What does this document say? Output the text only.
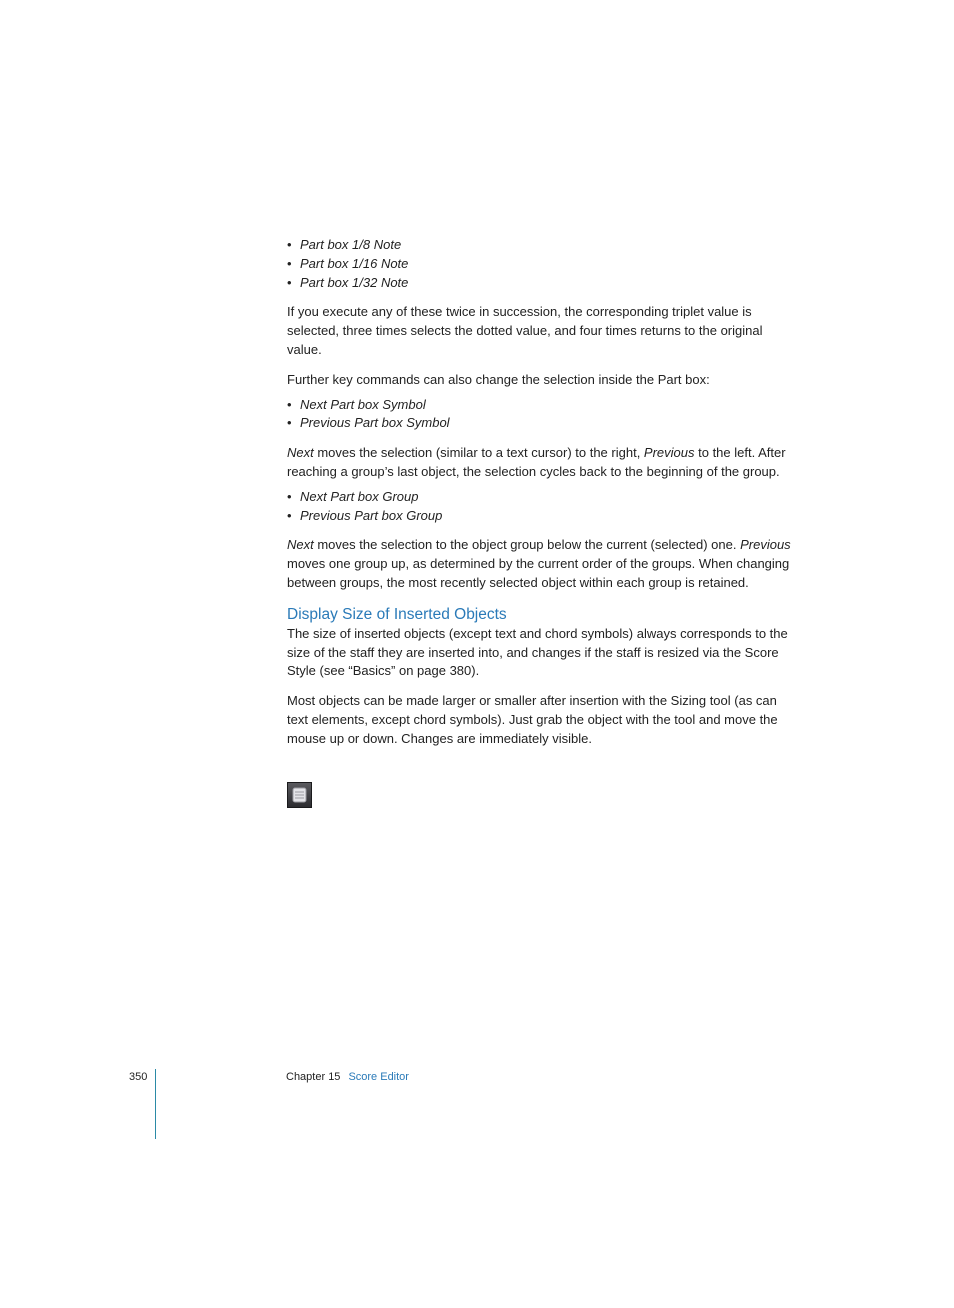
• Part box 1/8 Note
• Part box 1/16 Note
• Part box 1/32 Note

If you execute any of these twice in succession, the corresponding triplet value is selected, three times selects the dotted value, and four times returns to the original value.

Further key commands can also change the selection inside the Part box:

• Next Part box Symbol
• Previous Part box Symbol

Next moves the selection (similar to a text cursor) to the right, Previous to the left. After reaching a group’s last object, the selection cycles back to the beginning of the group.

• Next Part box Group
• Previous Part box Group

Next moves the selection to the object group below the current (selected) one. Previous moves one group up, as determined by the current order of the groups. When changing between groups, the most recently selected object within each group is retained.

Display Size of Inserted Objects

The size of inserted objects (except text and chord symbols) always corresponds to the size of the staff they are inserted into, and changes if the staff is resized via the Score Style (see “Basics” on page 380).

Most objects can be made larger or smaller after insertion with the Sizing tool (as can text elements, except chord symbols). Just grab the object with the tool and move the mouse up or down. Changes are immediately visible.

350	Chapter 15 Score Editor
